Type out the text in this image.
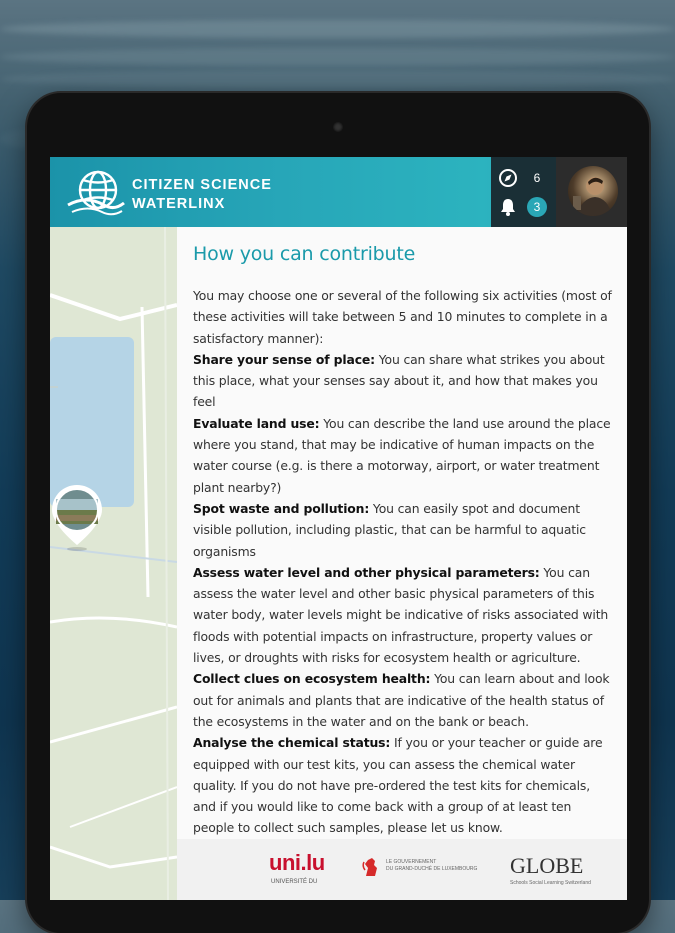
CITIZEN SCIENCE
WATERLINX
6
3
How you can contribute

You may choose one or several of the following six activities (most of these activities will take between 5 and 10 minutes to complete in a satisfactory manner):

Share your sense of place: You can share what strikes you about this place, what your senses say about it, and how that makes you feel

Evaluate land use: You can describe the land use around the place where you stand, that may be indicative of human impacts on the water course (e.g. is there a motorway, airport, or water treatment plant nearby?)

Spot waste and pollution: You can easily spot and document visible pollution, including plastic, that can be harmful to aquatic organisms

Assess water level and other physical parameters: You can assess the water level and other basic physical parameters of this water body, water levels might be indicative of risks associated with floods with potential impacts on infrastructure, property values or lives, or droughts with risks for ecosystem health or agriculture.

Collect clues on ecosystem health: You can learn about and look out for animals and plants that are indicative of the health status of the ecosystems in the water and on the bank or beach.

Analyse the chemical status: If you or your teacher or guide are equipped with our test kits, you can assess the chemical water quality. If you do not have pre-ordered the test kits for chemicals, and if you would like to come back with a group of at least ten people to collect such samples, please let us know.

uni.lu
UNIVERSITÉ DU
LE GOUVERNEMENT
DU GRAND-DUCHÉ DE LUXEMBOURG	GLOBE
Schools Social Learning Switzerland
